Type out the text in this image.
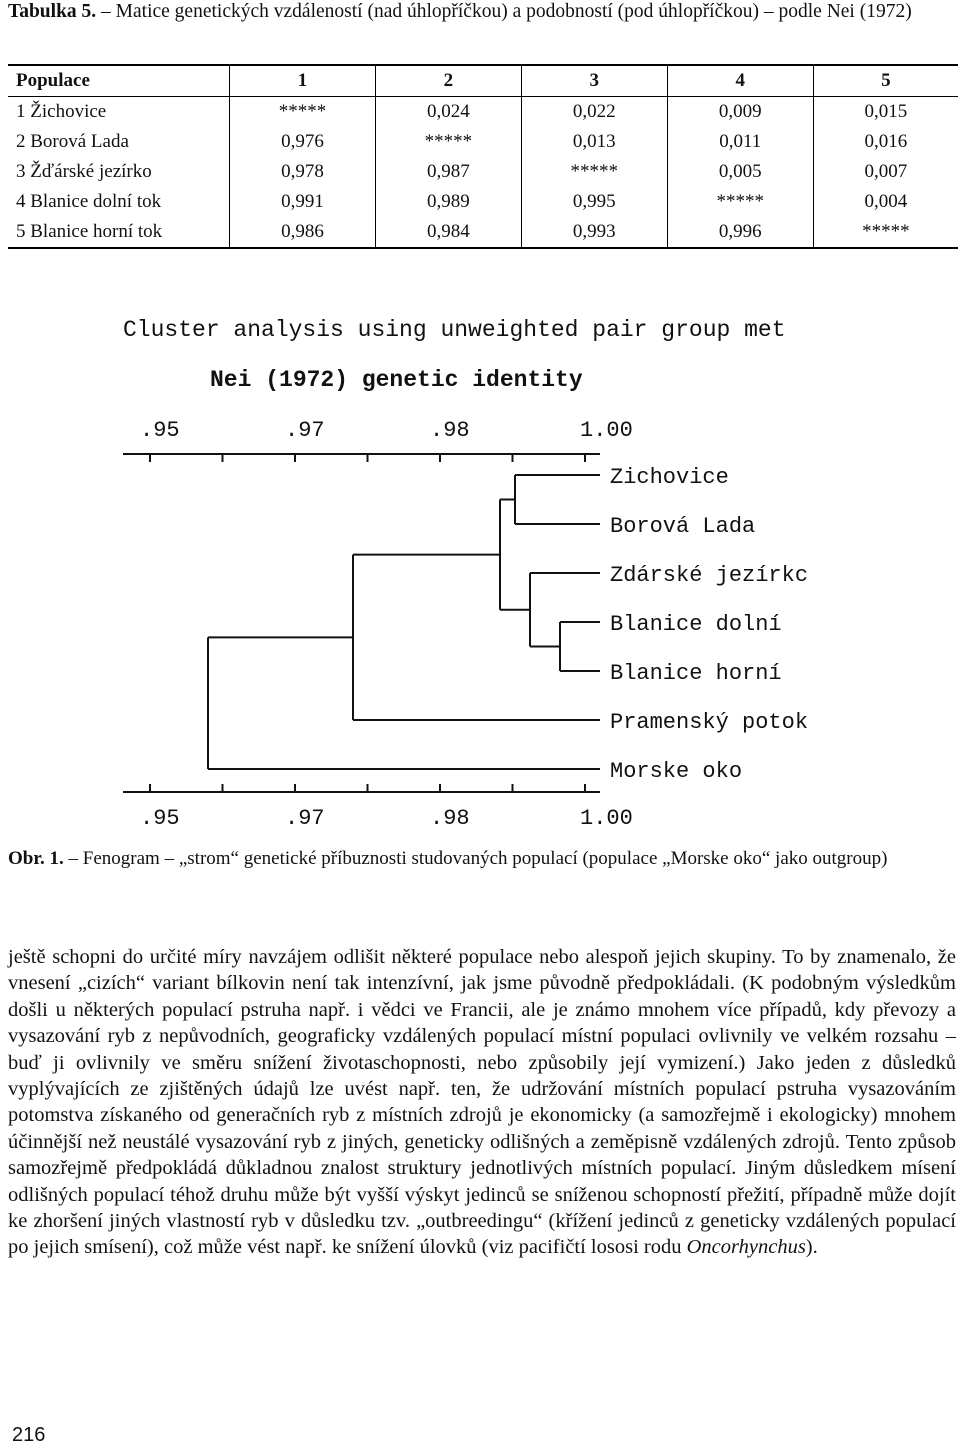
Tabulka 5. – Matice genetických vzdáleností (nad úhlopříčkou) a podobností (pod úhlopříčkou) – podle Nei (1972)
Populace	1	2	3	4	5
1 Žichovice	*****	0,024	0,022	0,009	0,015
2 Borová Lada	0,976	*****	0,013	0,011	0,016
3 Žďárské jezírko	0,978	0,987	*****	0,005	0,007
4 Blanice dolní tok	0,991	0,989	0,995	*****	0,004
5 Blanice horní tok	0,986	0,984	0,993	0,996	*****
Cluster analysis using unweighted pair group met
Nei (1972) genetic identity
.95	.97	.98	1.00
.95	.97	.98	1.00
Zichovice
Borová Lada
Zdárské jezírkc
Blanice dolní
Blanice horní
Pramenský potok
Morske oko
Obr. 1. – Fenogram – „strom“ genetické příbuznosti studovaných populací (populace „Morske oko“ jako outgroup)
ještě schopni do určité míry navzájem odlišit některé populace nebo alespoň jejich skupiny. To by znamenalo, že vnesení „cizích“ variant bílkovin není tak intenzívní, jak jsme původně předpokládali. (K podobným výsledkům došli u některých populací pstruha např. i vědci ve Francii, ale je známo mnohem více případů, kdy převozy a vysazování ryb z nepůvodních, geograficky vzdálených populací místní populaci ovlivnily ve velkém rozsahu – buď ji ovlivnily ve směru snížení životaschopnosti, nebo způsobily její vymizení.) Jako jeden z důsledků vyplývajících ze zjištěných údajů lze uvést např. ten, že udržování místních populací pstruha vysazováním potomstva získaného od generačních ryb z místních zdrojů je ekonomicky (a samozřejmě i ekologicky) mnohem účinnější než neustálé vysazování ryb z jiných, geneticky odlišných a zeměpisně vzdálených zdrojů. Tento způsob samozřejmě předpokládá důkladnou znalost struktury jednotlivých místních populací. Jiným důsledkem mísení odlišných populací téhož druhu může být vyšší výskyt jedinců se sníženou schopností přežití, případně může dojít ke zhoršení jiných vlastností ryb v důsledku tzv. „outbreedingu“ (křížení jedinců z geneticky vzdálených populací po jejich smísení), což může vést např. ke snížení úlovků (viz pacifičtí lososi rodu Oncorhynchus).
216
